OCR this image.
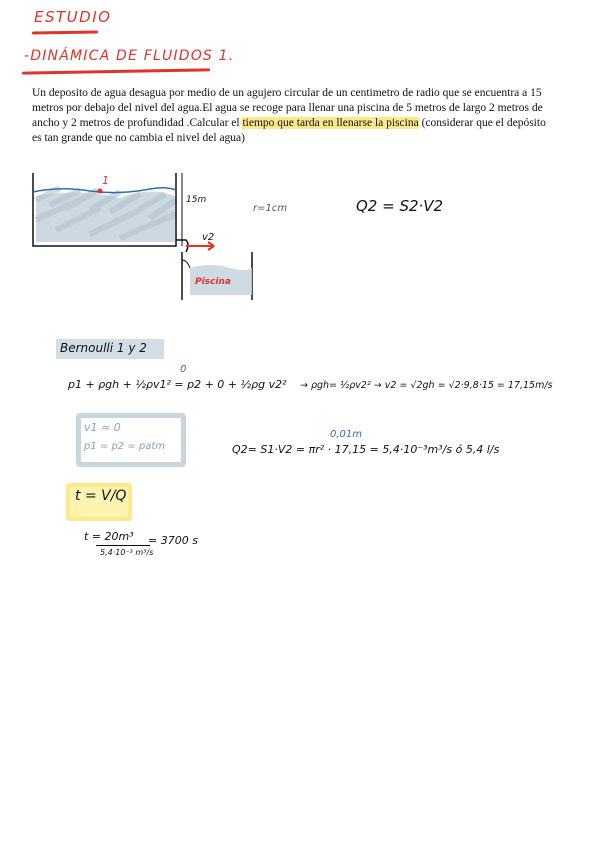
ESTUDIO
-DINÁMICA DE FLUIDOS 1.
Un deposito de agua desagua por medio de un agujero circular de un centimetro de radio que se encuentra a 15 metros por debajo del nivel del agua.El agua se recoge para llenar una piscina de 5 metros de largo 2 metros de ancho y 2 metros de profundidad .Calcular el tiempo que tarda en llenarse la piscina (considerar que el depósito es tan grande que no cambia el nivel del agua)
1
15m
v2
Piscina
r=1cm	Q2 = S2·V2
Bernoulli 1 y 2
p1 + ρgh + ½ρv1² = p2 + 0 + ½ρg v2²
0
→ ρgh= ½ρv2² → v2 = √2gh = √2·9,8·15 = 17,15m/s
v1 ≈ 0
p1 = p2 = patm
0,01m
Q2= S1·V2 = πr² · 17,15 = 5,4·10⁻³m³/s ó 5,4 l/s
t = V/Q
t = 20m³
5,4·10⁻³ m³/s
= 3700 s
